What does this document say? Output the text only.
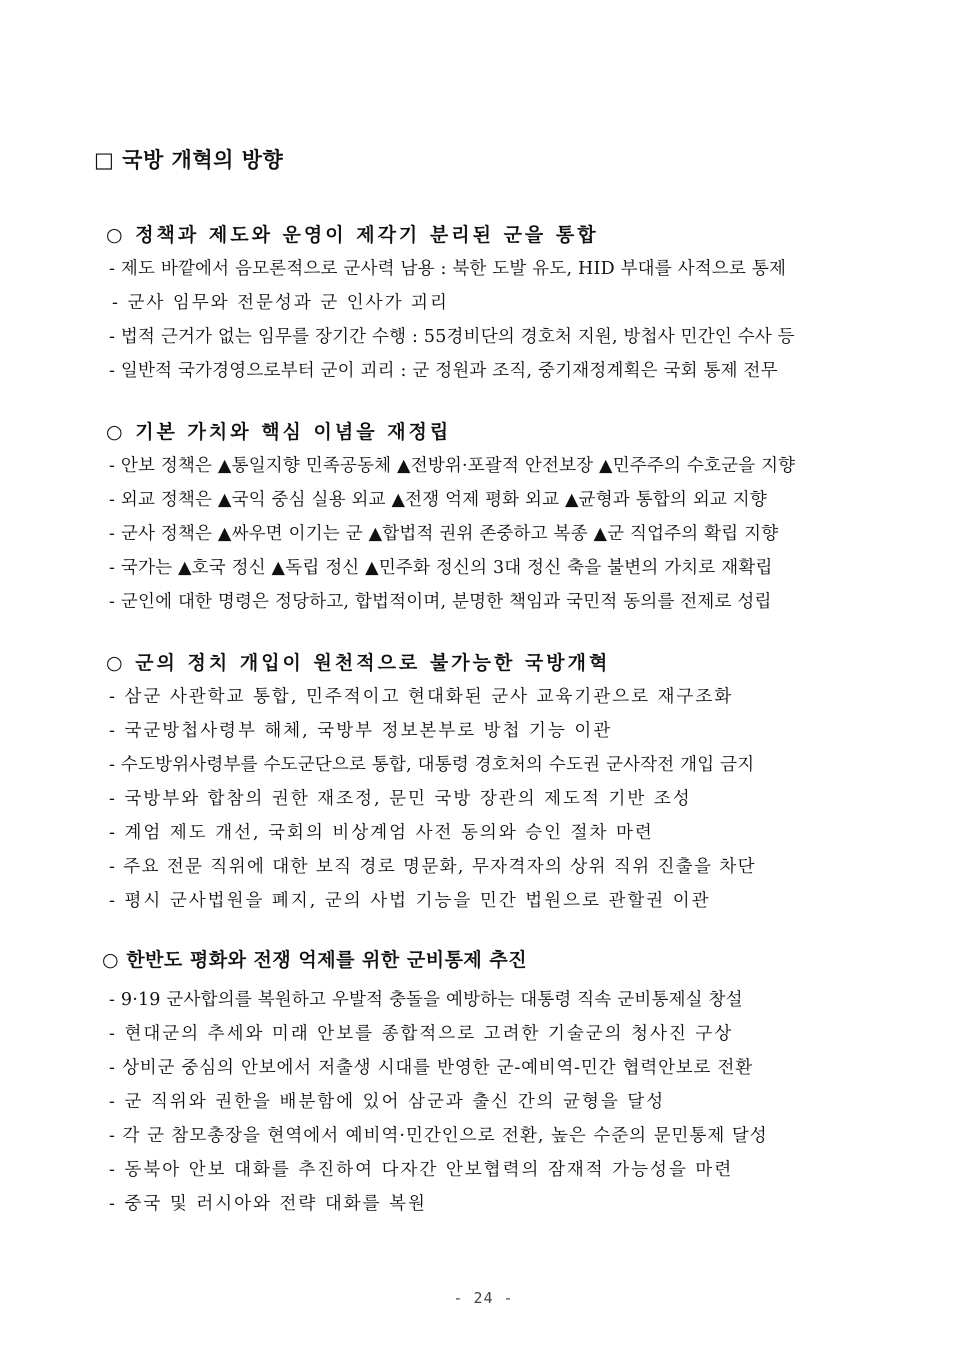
□ 국방 개혁의 방향
○ 정책과 제도와 운영이 제각기 분리된 군을 통합
- 제도 바깥에서 음모론적으로 군사력 남용 : 북한 도발 유도, HID 부대를 사적으로 통제
- 군사 임무와 전문성과 군 인사가 괴리
- 법적 근거가 없는 임무를 장기간 수행 : 55경비단의 경호처 지원, 방첩사 민간인 수사 등
- 일반적 국가경영으로부터 군이 괴리 : 군 정원과 조직, 중기재정계획은 국회 통제 전무
○ 기본 가치와 핵심 이념을 재정립
- 안보 정책은 ▲통일지향 민족공동체 ▲전방위·포괄적 안전보장 ▲민주주의 수호군을 지향
- 외교 정책은 ▲국익 중심 실용 외교 ▲전쟁 억제 평화 외교 ▲균형과 통합의 외교 지향
- 군사 정책은 ▲싸우면 이기는 군 ▲합법적 권위 존중하고 복종 ▲군 직업주의 확립 지향
- 국가는 ▲호국 정신 ▲독립 정신 ▲민주화 정신의 3대 정신 축을 불변의 가치로 재확립
- 군인에 대한 명령은 정당하고, 합법적이며, 분명한 책임과 국민적 동의를 전제로 성립
○ 군의 정치 개입이 원천적으로 불가능한 국방개혁
- 삼군 사관학교 통합, 민주적이고 현대화된 군사 교육기관으로 재구조화
- 국군방첩사령부 해체, 국방부 정보본부로 방첩 기능 이관
- 수도방위사령부를 수도군단으로 통합, 대통령 경호처의 수도권 군사작전 개입 금지
- 국방부와 합참의 권한 재조정, 문민 국방 장관의 제도적 기반 조성
- 계엄 제도 개선, 국회의 비상계엄 사전 동의와 승인 절차 마련
- 주요 전문 직위에 대한 보직 경로 명문화, 무자격자의 상위 직위 진출을 차단
- 평시 군사법원을 폐지, 군의 사법 기능을 민간 법원으로 관할권 이관
○ 한반도 평화와 전쟁 억제를 위한 군비통제 추진
- 9·19 군사합의를 복원하고 우발적 충돌을 예방하는 대통령 직속 군비통제실 창설
- 현대군의 추세와 미래 안보를 종합적으로 고려한 기술군의 청사진 구상
- 상비군 중심의 안보에서 저출생 시대를 반영한 군-예비역-민간 협력안보로 전환
- 군 직위와 권한을 배분함에 있어 삼군과 출신 간의 균형을 달성
- 각 군 참모총장을 현역에서 예비역·민간인으로 전환, 높은 수준의 문민통제 달성
- 동북아 안보 대화를 추진하여 다자간 안보협력의 잠재적 가능성을 마련
- 중국 및 러시아와 전략 대화를 복원
- 24 -
